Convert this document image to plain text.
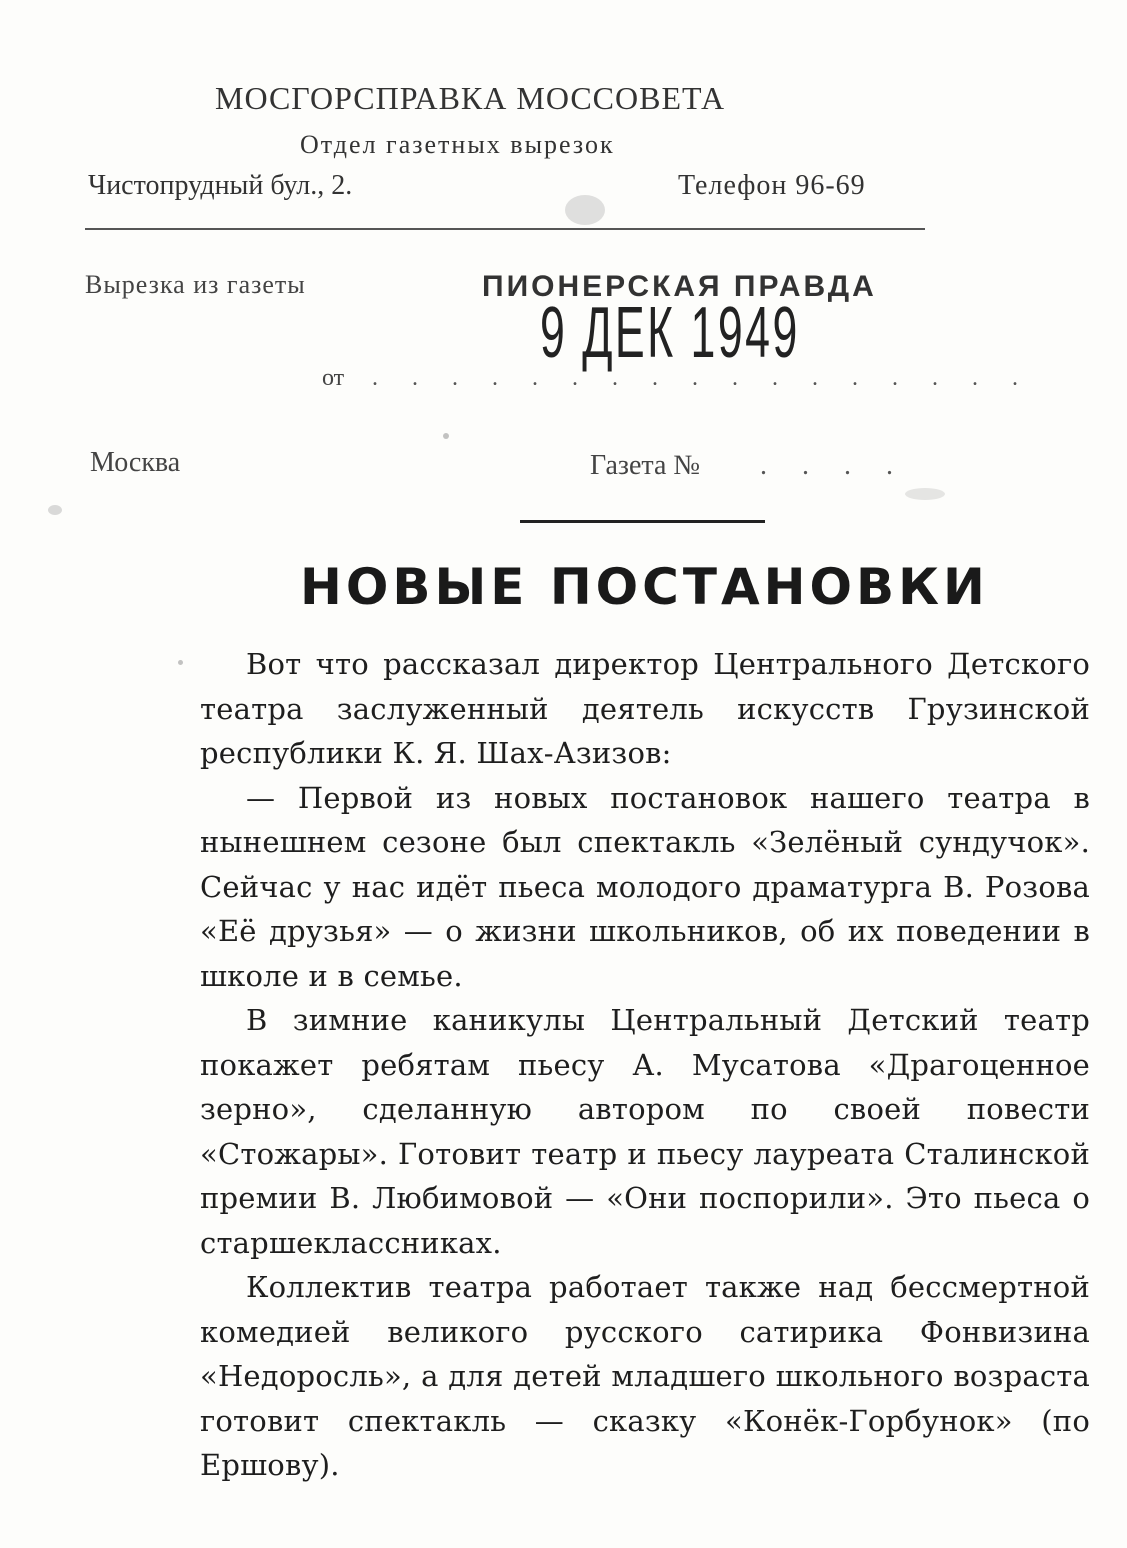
МОСГОРСПРАВКА МОССОВЕТА
Отдел газетных вырезок
Чистопрудный бул., 2.	Телефон 96-69
Вырезка из газеты	ПИОНЕРСКАЯ ПРАВДА
9 ДЕК 1949
от . . . . . . . . . . . . . . . . .
Москва	Газета № . . . .
НОВЫЕ ПОСТАНОВКИ

Вот что рассказал директор Центрального Детского театра заслуженный деятель искусств Грузинской республики К. Я. Шах-Азизов:

— Первой из новых постановок нашего театра в нынешнем сезоне был спектакль «Зелёный сундучок». Сейчас у нас идёт пьеса молодого драматурга В. Розова «Её друзья» — о жизни школьников, об их поведении в школе и в семье.

В зимние каникулы Центральный Детский театр покажет ребятам пьесу А. Мусатова «Драгоценное зерно», сделанную автором по своей повести «Стожары». Готовит театр и пьесу лауреата Сталинской премии В. Любимовой — «Они поспорили». Это пьеса о старшеклассниках.

Коллектив театра работает также над бессмертной комедией великого русского сатирика Фонвизина «Недоросль», а для детей младшего школьного возраста готовит спектакль — сказку «Конёк-Горбунок» (по Ершову).
